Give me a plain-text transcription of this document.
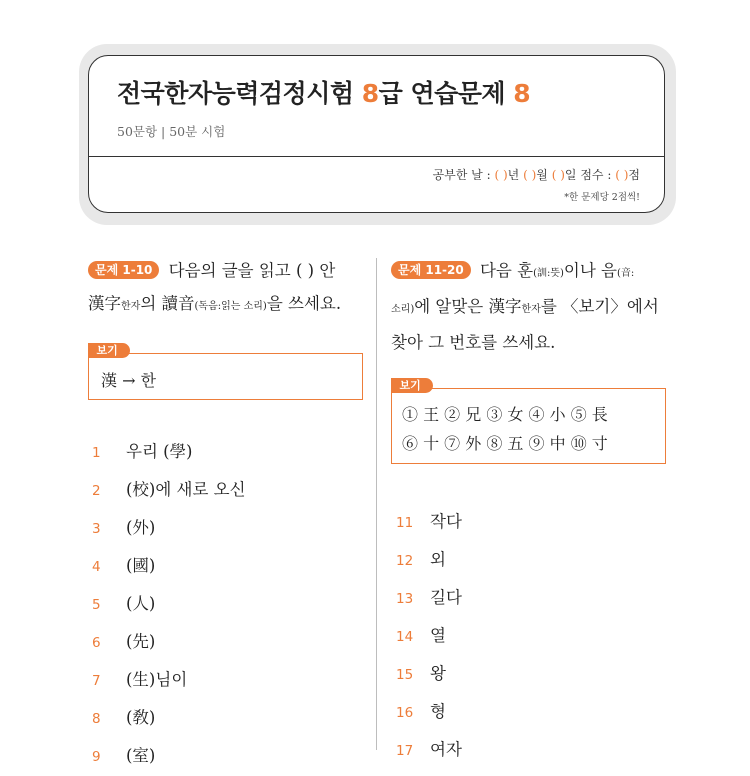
전국한자능력검정시험 8급 연습문제 8
50문항 | 50분 시험
공부한 날 : ( )년 ( )월 ( )일 점수 : ( )점
*한 문제당 2점씩!
문제 1-10 다음의 글을 읽고 ( ) 안
漢字한자의 讀音(독음:읽는 소리)을 쓰세요.
보기
漢 → 한
1 우리 (學)
2 (校)에 새로 오신
3 (外)
4 (國)
5 (人)
6 (先)
7 (生)님이
8 (敎)
9 (室)
문제 11-20 다음 훈(訓:뜻)이나 음(音:
소리)에 알맞은 漢字한자를 〈보기〉에서
찾아 그 번호를 쓰세요.
보기
① 王 ② 兄 ③ 女 ④ 小 ⑤ 長
⑥ 十 ⑦ 外 ⑧ 五 ⑨ 中 ⑩ 寸
11 작다
12 외
13 길다
14 열
15 왕
16 형
17 여자
